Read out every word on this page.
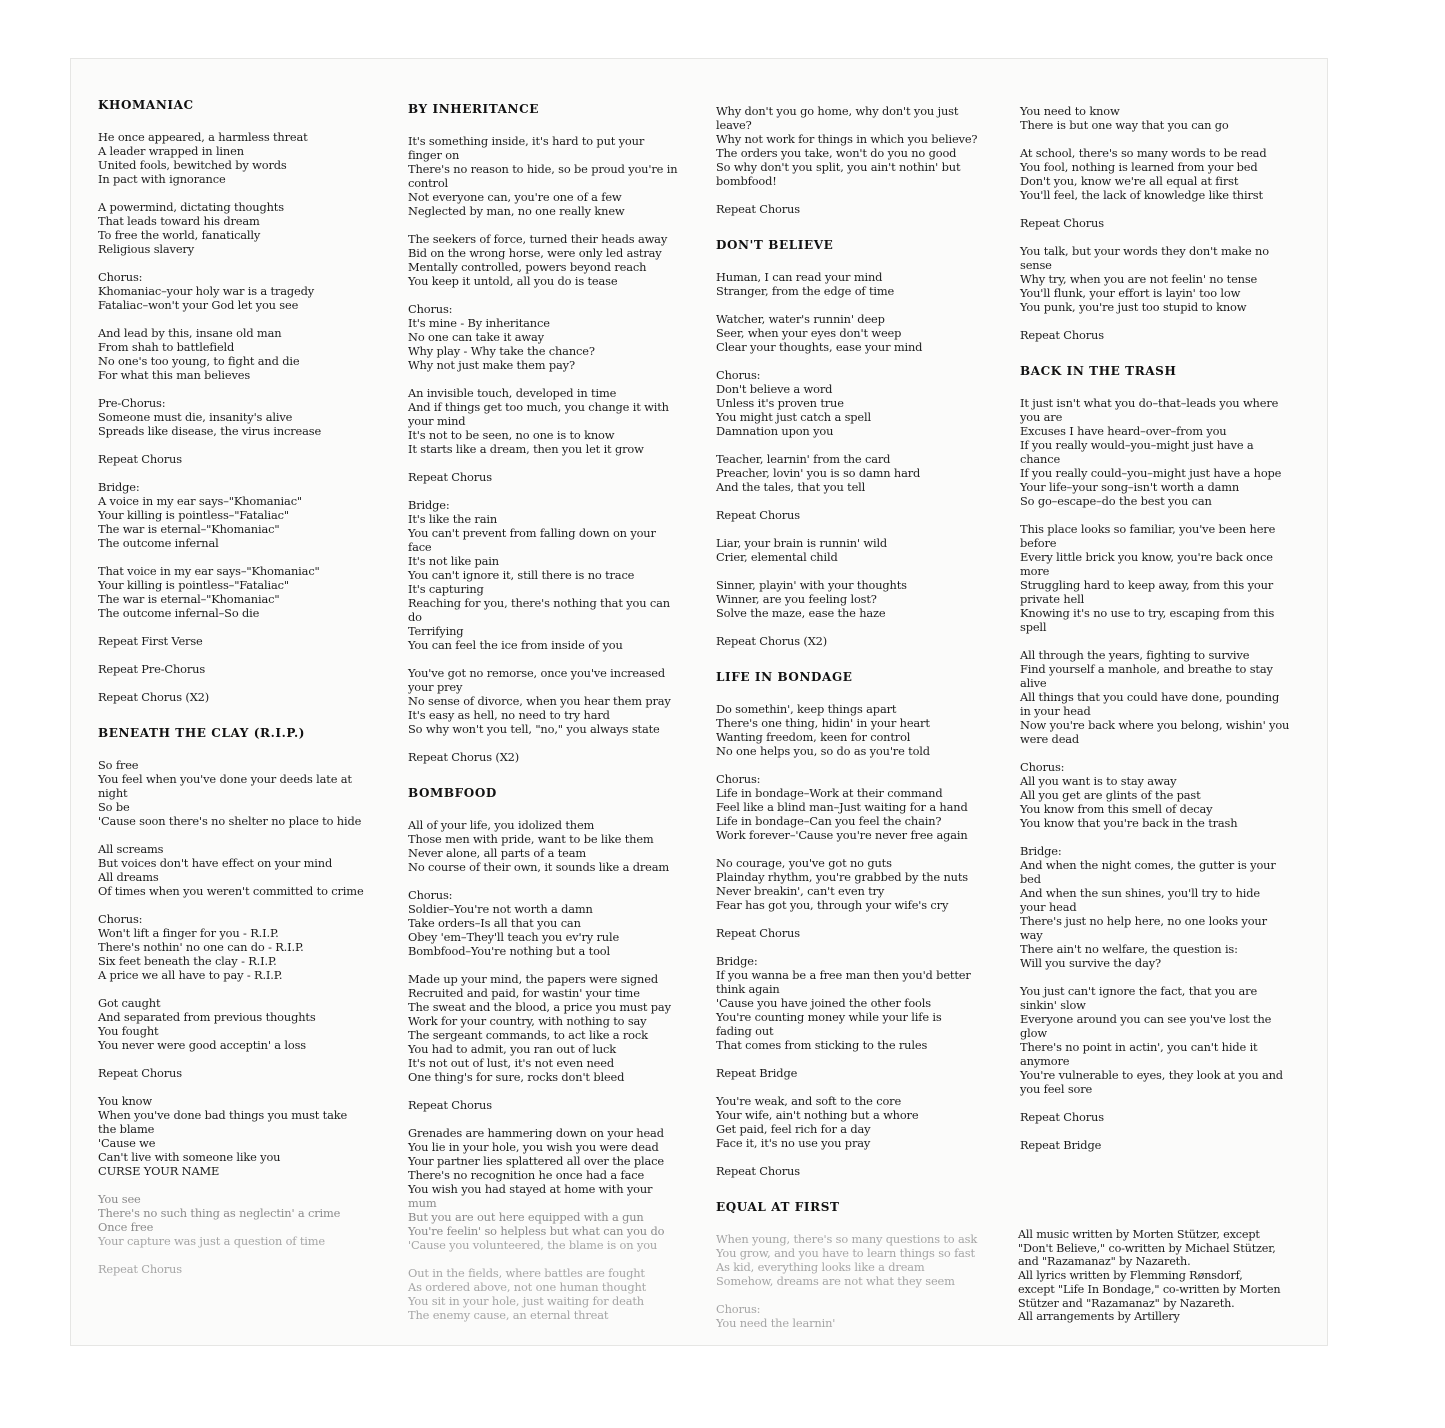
KHOMANIAC
He once appeared, a harmless threat
A leader wrapped in linen
United fools, bewitched by words
In pact with ignorance
A powermind, dictating thoughts
That leads toward his dream
To free the world, fanatically
Religious slavery
Chorus:
Khomaniac–your holy war is a tragedy
Fataliac–won't your God let you see
And lead by this, insane old man
From shah to battlefield
No one's too young, to fight and die
For what this man believes
Pre-Chorus:
Someone must die, insanity's alive
Spreads like disease, the virus increase
Repeat Chorus
Bridge:
A voice in my ear says–"Khomaniac"
Your killing is pointless–"Fataliac"
The war is eternal–"Khomaniac"
The outcome infernal
That voice in my ear says–"Khomaniac"
Your killing is pointless–"Fataliac"
The war is eternal–"Khomaniac"
The outcome infernal–So die
Repeat First Verse
Repeat Pre-Chorus
Repeat Chorus (X2)
BENEATH THE CLAY (R.I.P.)
So free
You feel when you've done your deeds late at
night
So be
'Cause soon there's no shelter no place to hide
All screams
But voices don't have effect on your mind
All dreams
Of times when you weren't committed to crime
Chorus:
Won't lift a finger for you - R.I.P.
There's nothin' no one can do - R.I.P.
Six feet beneath the clay - R.I.P.
A price we all have to pay - R.I.P.
Got caught
And separated from previous thoughts
You fought
You never were good acceptin' a loss
Repeat Chorus
You know
When you've done bad things you must take
the blame
'Cause we
Can't live with someone like you
CURSE YOUR NAME
You see
There's no such thing as neglectin' a crime
Once free
Your capture was just a question of time
Repeat Chorus
BY INHERITANCE
It's something inside, it's hard to put your
finger on
There's no reason to hide, so be proud you're in
control
Not everyone can, you're one of a few
Neglected by man, no one really knew
The seekers of force, turned their heads away
Bid on the wrong horse, were only led astray
Mentally controlled, powers beyond reach
You keep it untold, all you do is tease
Chorus:
It's mine - By inheritance
No one can take it away
Why play - Why take the chance?
Why not just make them pay?
An invisible touch, developed in time
And if things get too much, you change it with
your mind
It's not to be seen, no one is to know
It starts like a dream, then you let it grow
Repeat Chorus
Bridge:
It's like the rain
You can't prevent from falling down on your
face
It's not like pain
You can't ignore it, still there is no trace
It's capturing
Reaching for you, there's nothing that you can
do
Terrifying
You can feel the ice from inside of you
You've got no remorse, once you've increased
your prey
No sense of divorce, when you hear them pray
It's easy as hell, no need to try hard
So why won't you tell, "no," you always state
Repeat Chorus (X2)
BOMBFOOD
All of your life, you idolized them
Those men with pride, want to be like them
Never alone, all parts of a team
No course of their own, it sounds like a dream
Chorus:
Soldier–You're not worth a damn
Take orders–Is all that you can
Obey 'em–They'll teach you ev'ry rule
Bombfood–You're nothing but a tool
Made up your mind, the papers were signed
Recruited and paid, for wastin' your time
The sweat and the blood, a price you must pay
Work for your country, with nothing to say
The sergeant commands, to act like a rock
You had to admit, you ran out of luck
It's not out of lust, it's not even need
One thing's for sure, rocks don't bleed
Repeat Chorus
Grenades are hammering down on your head
You lie in your hole, you wish you were dead
Your partner lies splattered all over the place
There's no recognition he once had a face
You wish you had stayed at home with your
mum
But you are out here equipped with a gun
You're feelin' so helpless but what can you do
'Cause you volunteered, the blame is on you
Out in the fields, where battles are fought
As ordered above, not one human thought
You sit in your hole, just waiting for death
The enemy cause, an eternal threat
Why don't you go home, why don't you just
leave?
Why not work for things in which you believe?
The orders you take, won't do you no good
So why don't you split, you ain't nothin' but
bombfood!
Repeat Chorus
DON'T BELIEVE
Human, I can read your mind
Stranger, from the edge of time
Watcher, water's runnin' deep
Seer, when your eyes don't weep
Clear your thoughts, ease your mind
Chorus:
Don't believe a word
Unless it's proven true
You might just catch a spell
Damnation upon you
Teacher, learnin' from the card
Preacher, lovin' you is so damn hard
And the tales, that you tell
Repeat Chorus
Liar, your brain is runnin' wild
Crier, elemental child
Sinner, playin' with your thoughts
Winner, are you feeling lost?
Solve the maze, ease the haze
Repeat Chorus (X2)
LIFE IN BONDAGE
Do somethin', keep things apart
There's one thing, hidin' in your heart
Wanting freedom, keen for control
No one helps you, so do as you're told
Chorus:
Life in bondage–Work at their command
Feel like a blind man–Just waiting for a hand
Life in bondage–Can you feel the chain?
Work forever–'Cause you're never free again
No courage, you've got no guts
Plainday rhythm, you're grabbed by the nuts
Never breakin', can't even try
Fear has got you, through your wife's cry
Repeat Chorus
Bridge:
If you wanna be a free man then you'd better
think again
'Cause you have joined the other fools
You're counting money while your life is
fading out
That comes from sticking to the rules
Repeat Bridge
You're weak, and soft to the core
Your wife, ain't nothing but a whore
Get paid, feel rich for a day
Face it, it's no use you pray
Repeat Chorus
EQUAL AT FIRST
When young, there's so many questions to ask
You grow, and you have to learn things so fast
As kid, everything looks like a dream
Somehow, dreams are not what they seem
Chorus:
You need the learnin'
You need to know
There is but one way that you can go
At school, there's so many words to be read
You fool, nothing is learned from your bed
Don't you, know we're all equal at first
You'll feel, the lack of knowledge like thirst
Repeat Chorus
You talk, but your words they don't make no
sense
Why try, when you are not feelin' no tense
You'll flunk, your effort is layin' too low
You punk, you're just too stupid to know
Repeat Chorus
BACK IN THE TRASH
It just isn't what you do–that–leads you where
you are
Excuses I have heard–over–from you
If you really would–you–might just have a
chance
If you really could–you–might just have a hope
Your life–your song–isn't worth a damn
So go–escape–do the best you can
This place looks so familiar, you've been here
before
Every little brick you know, you're back once
more
Struggling hard to keep away, from this your
private hell
Knowing it's no use to try, escaping from this
spell
All through the years, fighting to survive
Find yourself a manhole, and breathe to stay
alive
All things that you could have done, pounding
in your head
Now you're back where you belong, wishin' you
were dead
Chorus:
All you want is to stay away
All you get are glints of the past
You know from this smell of decay
You know that you're back in the trash
Bridge:
And when the night comes, the gutter is your
bed
And when the sun shines, you'll try to hide
your head
There's just no help here, no one looks your
way
There ain't no welfare, the question is:
Will you survive the day?
You just can't ignore the fact, that you are
sinkin' slow
Everyone around you can see you've lost the
glow
There's no point in actin', you can't hide it
anymore
You're vulnerable to eyes, they look at you and
you feel sore
Repeat Chorus
Repeat Bridge
All music written by Morten Stützer, except
"Don't Believe," co-written by Michael Stützer,
and "Razamanaz" by Nazareth.
All lyrics written by Flemming Rønsdorf,
except "Life In Bondage," co-written by Morten
Stützer and "Razamanaz" by Nazareth.
All arrangements by Artillery
